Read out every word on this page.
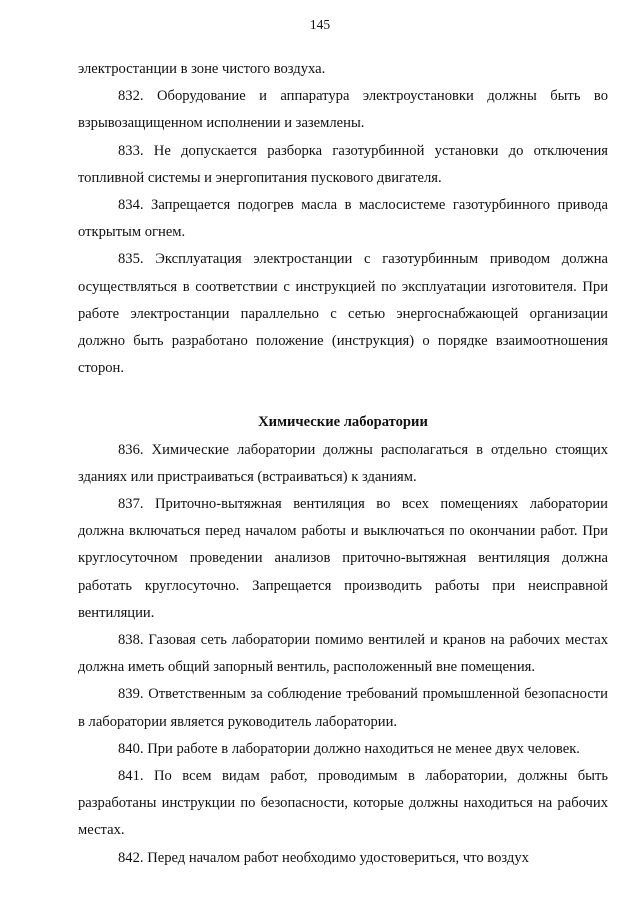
145

электростанции в зоне чистого воздуха.

832. Оборудование и аппаратура электроустановки должны быть во взрывозащищенном исполнении и заземлены.

833. Не допускается разборка газотурбинной установки до отключения топливной системы и энергопитания пускового двигателя.

834. Запрещается подогрев масла в маслосистеме газотурбинного привода открытым огнем.

835. Эксплуатация электростанции с газотурбинным приводом должна осуществляться в соответствии с инструкцией по эксплуатации изготовителя. При работе электростанции параллельно с сетью энергоснабжающей организации должно быть разработано положение (инструкция) о порядке взаимоотношения сторон.

Химические лаборатории

836. Химические лаборатории должны располагаться в отдельно стоящих зданиях или пристраиваться (встраиваться) к зданиям.

837. Приточно-вытяжная вентиляция во всех помещениях лаборатории должна включаться перед началом работы и выключаться по окончании работ. При круглосуточном проведении анализов приточно-вытяжная вентиляция должна работать круглосуточно. Запрещается производить работы при неисправной вентиляции.

838. Газовая сеть лаборатории помимо вентилей и кранов на рабочих местах должна иметь общий запорный вентиль, расположенный вне помещения.

839. Ответственным за соблюдение требований промышленной безопасности в лаборатории является руководитель лаборатории.

840. При работе в лаборатории должно находиться не менее двух человек.

841. По всем видам работ, проводимым в лаборатории, должны быть разработаны инструкции по безопасности, которые должны находиться на рабочих местах.

842. Перед началом работ необходимо удостовериться, что воздух
